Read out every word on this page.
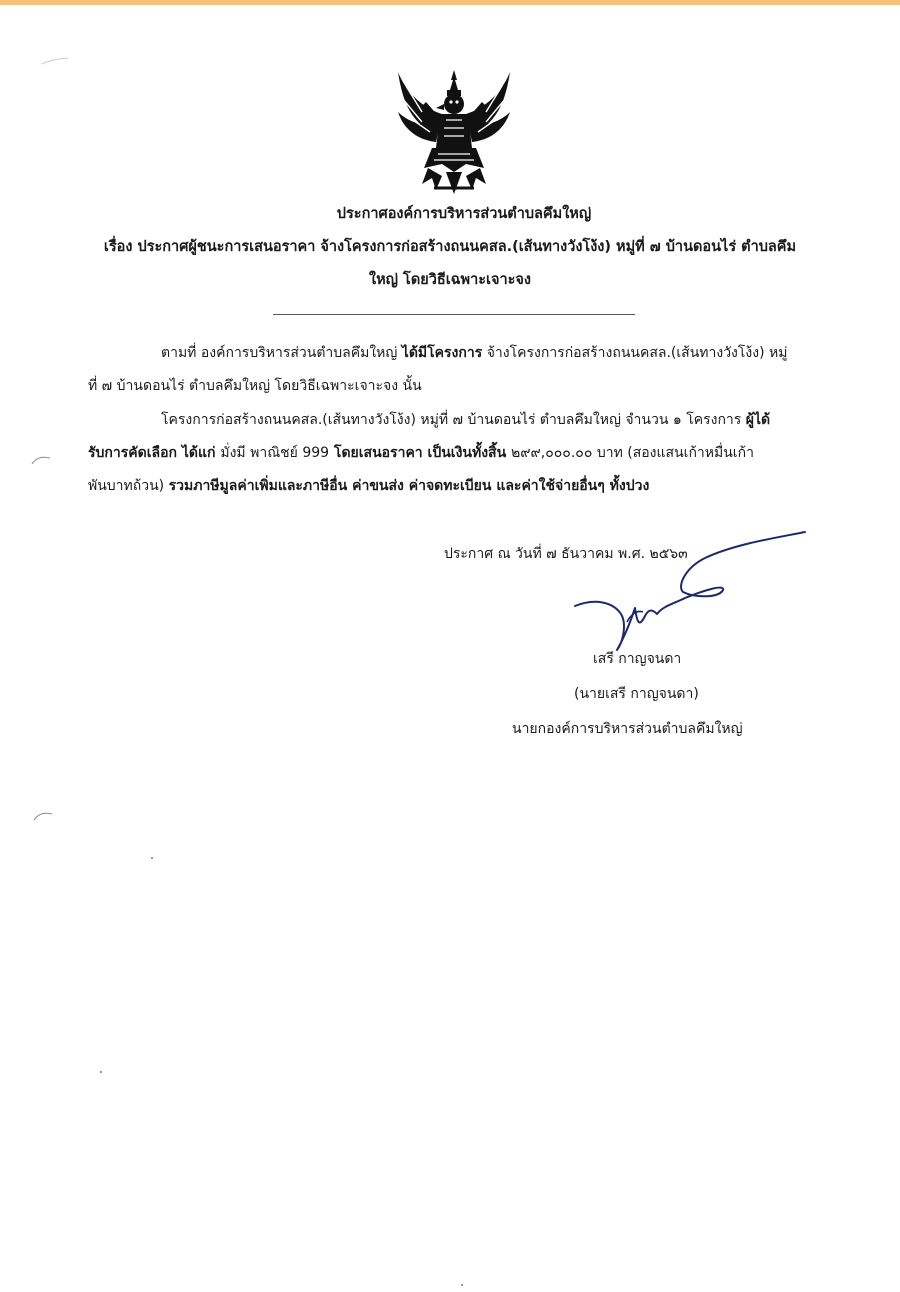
ประกาศองค์การบริหารส่วนตำบลคึมใหญ่
เรื่อง ประกาศผู้ชนะการเสนอราคา จ้างโครงการก่อสร้างถนนคสล.(เส้นทางวังโง้ง) หมู่ที่ ๗ บ้านดอนไร่ ตำบลคึม
ใหญ่ โดยวิธีเฉพาะเจาะจง
ตามที่ องค์การบริหารส่วนตำบลคึมใหญ่ ได้มีโครงการ จ้างโครงการก่อสร้างถนนคสล.(เส้นทางวังโง้ง) หมู่
ที่ ๗ บ้านดอนไร่ ตำบลคึมใหญ่ โดยวิธีเฉพาะเจาะจง นั้น
โครงการก่อสร้างถนนคสล.(เส้นทางวังโง้ง) หมู่ที่ ๗ บ้านดอนไร่ ตำบลคึมใหญ่ จำนวน ๑ โครงการ ผู้ได้
รับการคัดเลือก ได้แก่ มั่งมี พาณิชย์ 999 โดยเสนอราคา เป็นเงินทั้งสิ้น ๒๙๙,๐๐๐.๐๐ บาท (สองแสนเก้าหมื่นเก้า
พันบาทถ้วน) รวมภาษีมูลค่าเพิ่มและภาษีอื่น ค่าขนส่ง ค่าจดทะเบียน และค่าใช้จ่ายอื่นๆ ทั้งปวง
ประกาศ ณ วันที่ ๗ ธันวาคม พ.ศ. ๒๕๖๓
เสรี กาญจนดา
(นายเสรี กาญจนดา)
นายกองค์การบริหารส่วนตำบลคึมใหญ่
